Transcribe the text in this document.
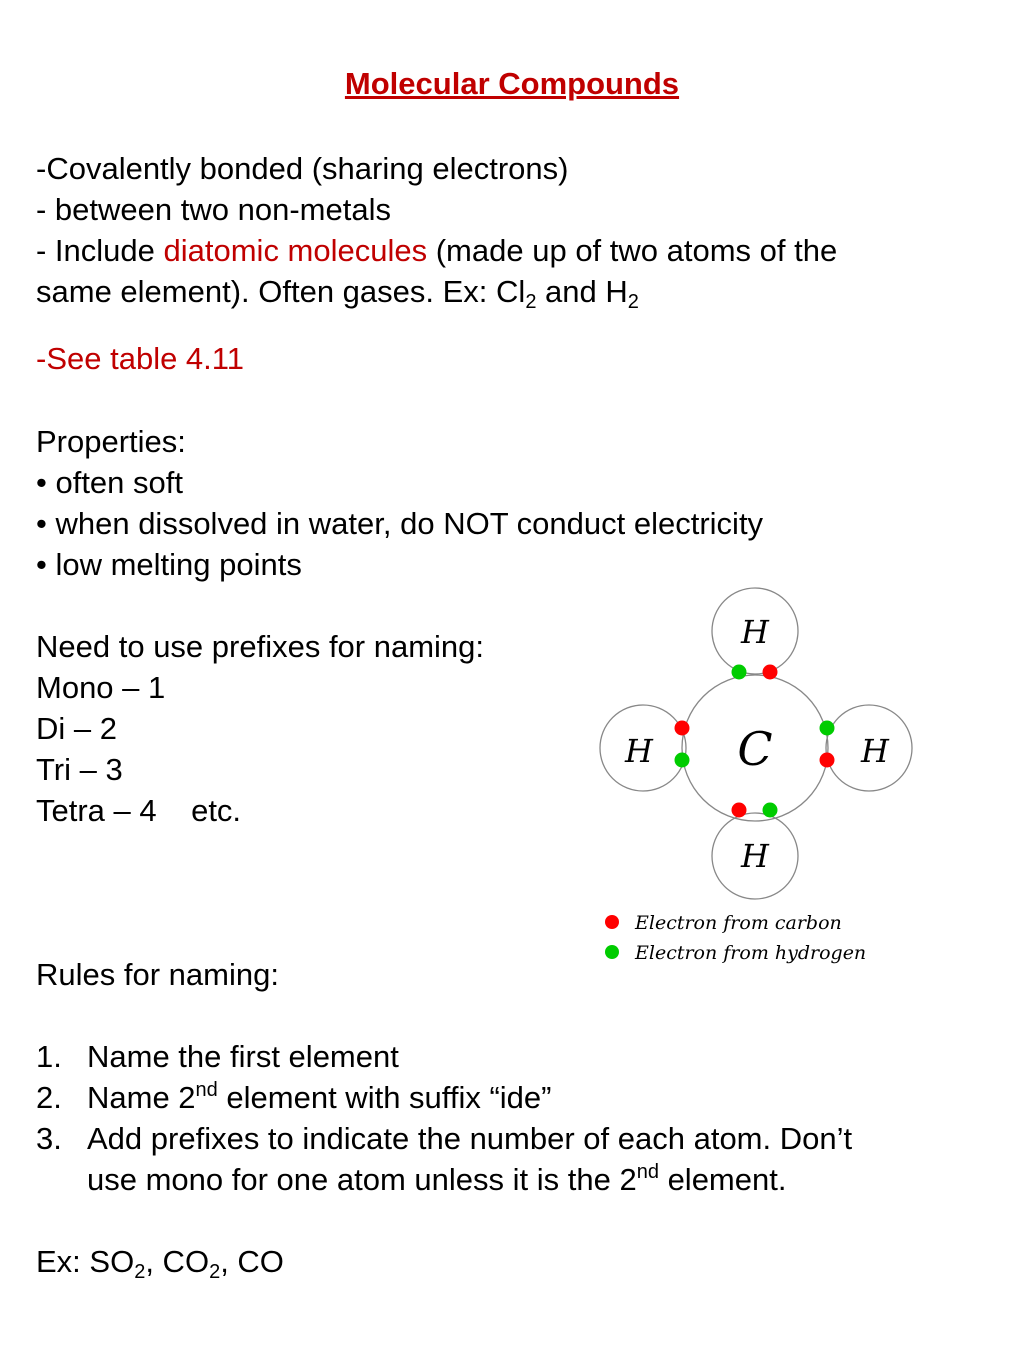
Molecular Compounds
-Covalently bonded (sharing electrons)
- between two non-metals
- Include diatomic molecules (made up of two atoms of the
same element). Often gases. Ex: $Cl_2$ and $H_2$
-See table 4.11
Properties:
• often soft
• when dissolved in water, do NOT conduct electricity
• low melting points
Need to use prefixes for naming:
Mono – 1
Di – 2
Tri – 3
Tetra – 4    etc.
C
H
H
H	H
Electron from carbon
Electron from hydrogen
Rules for naming:
1. Name the first element
2. Name 2nd element with suffix “ide”
3. Add prefixes to indicate the number of each atom. Don’t
use mono for one atom unless it is the 2nd element.
Ex: $SO_2$, $CO_2$, CO
